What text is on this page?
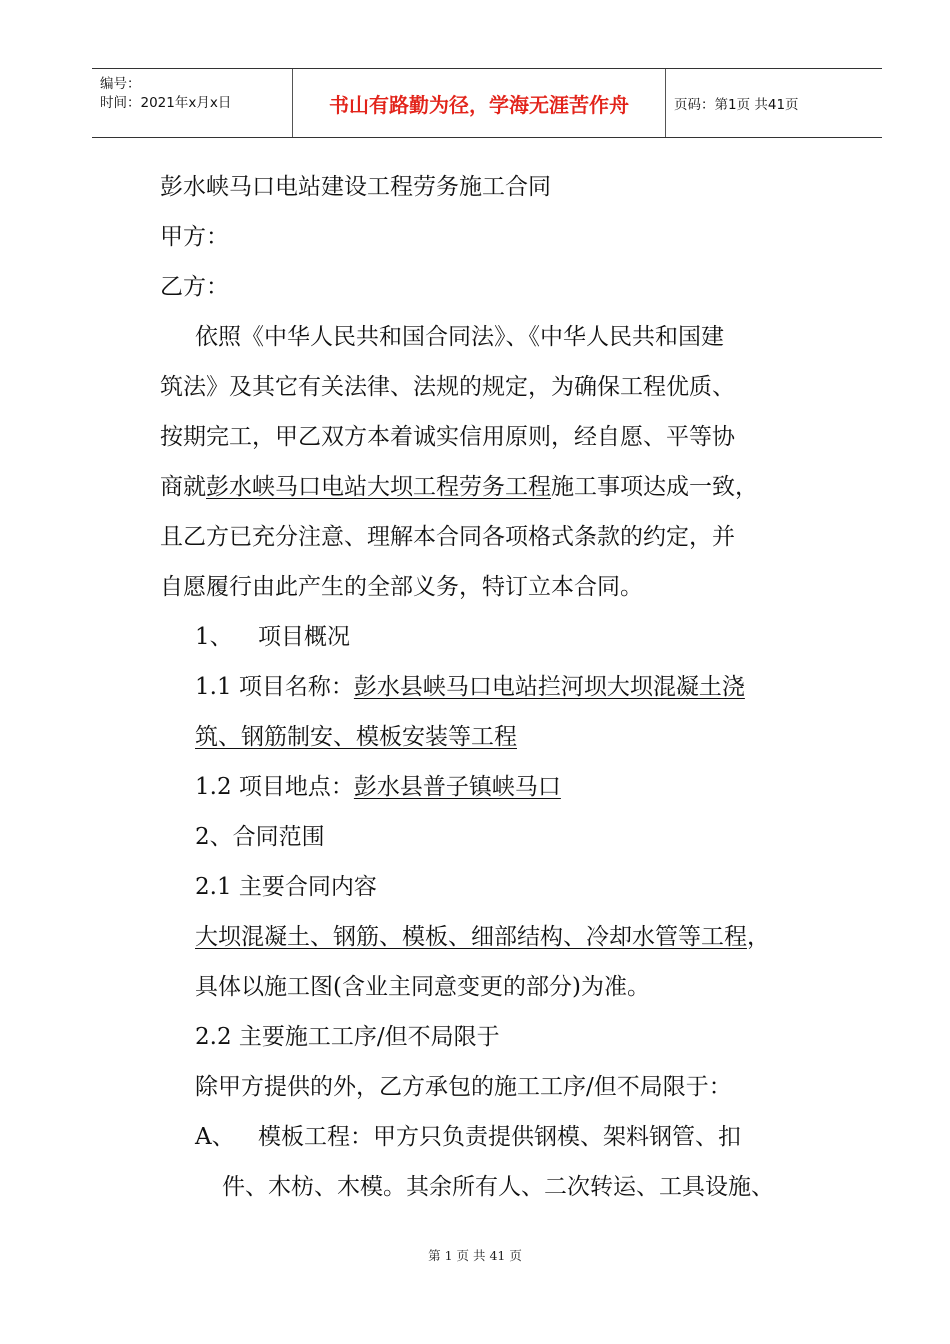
编号：
时间：2021年x月x日	书山有路勤为径，学海无涯苦作舟	页码：第1页 共41页
彭水峡马口电站建设工程劳务施工合同
甲方：
乙方：
依照《中华人民共和国合同法》、《中华人民共和国建
筑法》及其它有关法律、法规的规定，为确保工程优质、
按期完工，甲乙双方本着诚实信用原则，经自愿、平等协
商就彭水峡马口电站大坝工程劳务工程施工事项达成一致，
且乙方已充分注意、理解本合同各项格式条款的约定，并
自愿履行由此产生的全部义务，特订立本合同。
1、 项目概况
1.1 项目名称：彭水县峡马口电站拦河坝大坝混凝土浇
筑、钢筋制安、模板安装等工程
1.2 项目地点：彭水县普子镇峡马口
2、合同范围
2.1 主要合同内容
大坝混凝土、钢筋、模板、细部结构、冷却水管等工程，
具体以施工图(含业主同意变更的部分)为准。
2.2 主要施工工序/但不局限于
除甲方提供的外，乙方承包的施工工序/但不局限于：
A、 模板工程：甲方只负责提供钢模、架料钢管、扣
件、木枋、木模。其余所有人、二次转运、工具设施、
第 1 页 共 41 页
